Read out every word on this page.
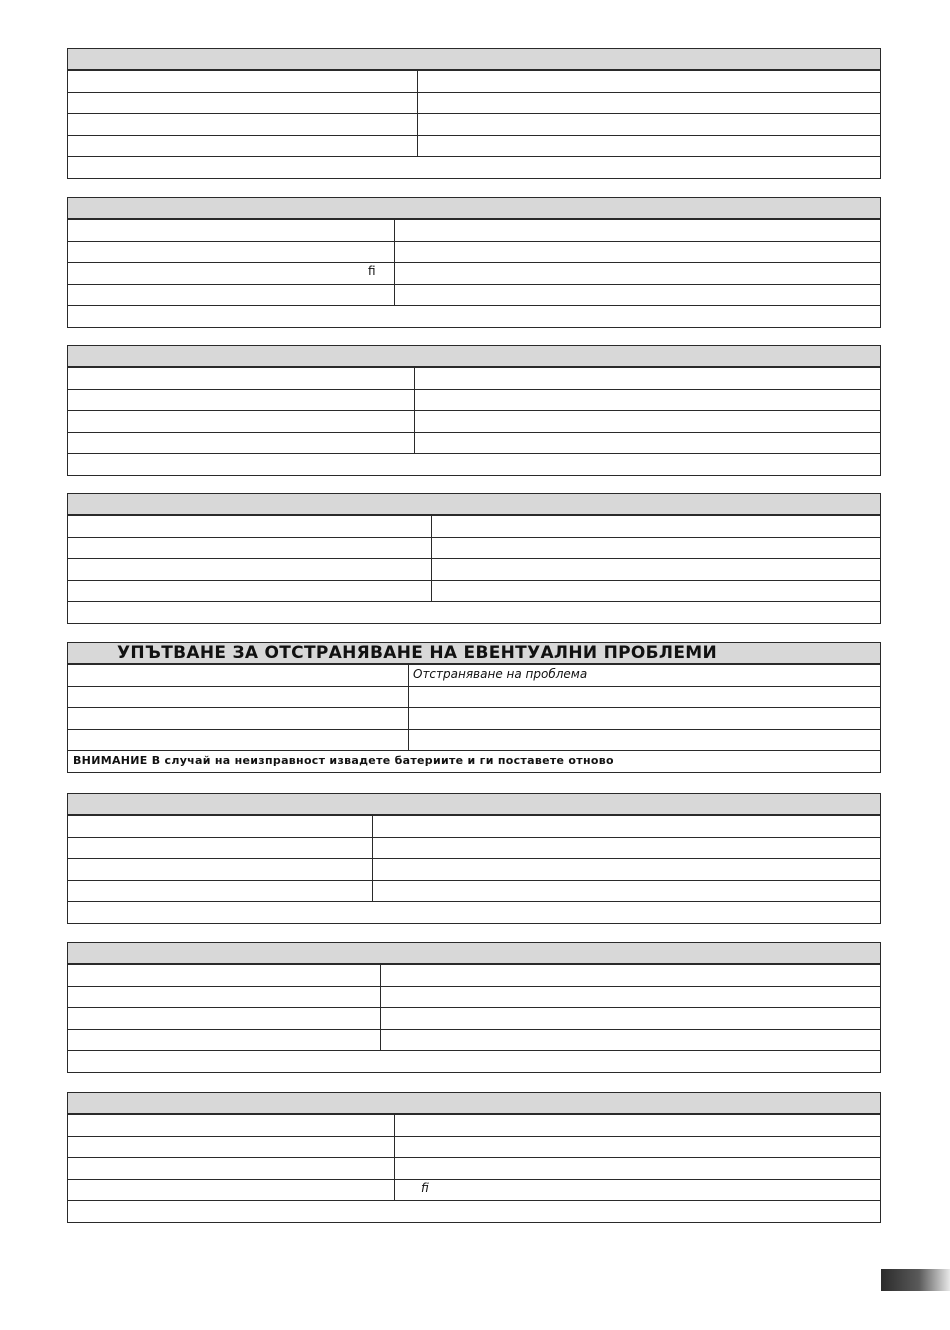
ﬁ
УПЪТВАНЕ ЗА ОТСТРАНЯВАНЕ НА ЕВЕНТУАЛНИ ПРОБЛЕМИ
Отстраняване на проблема
ВНИМАНИЕ В случай на неизправност извадете батериите и ги поставете отново
ﬁ
